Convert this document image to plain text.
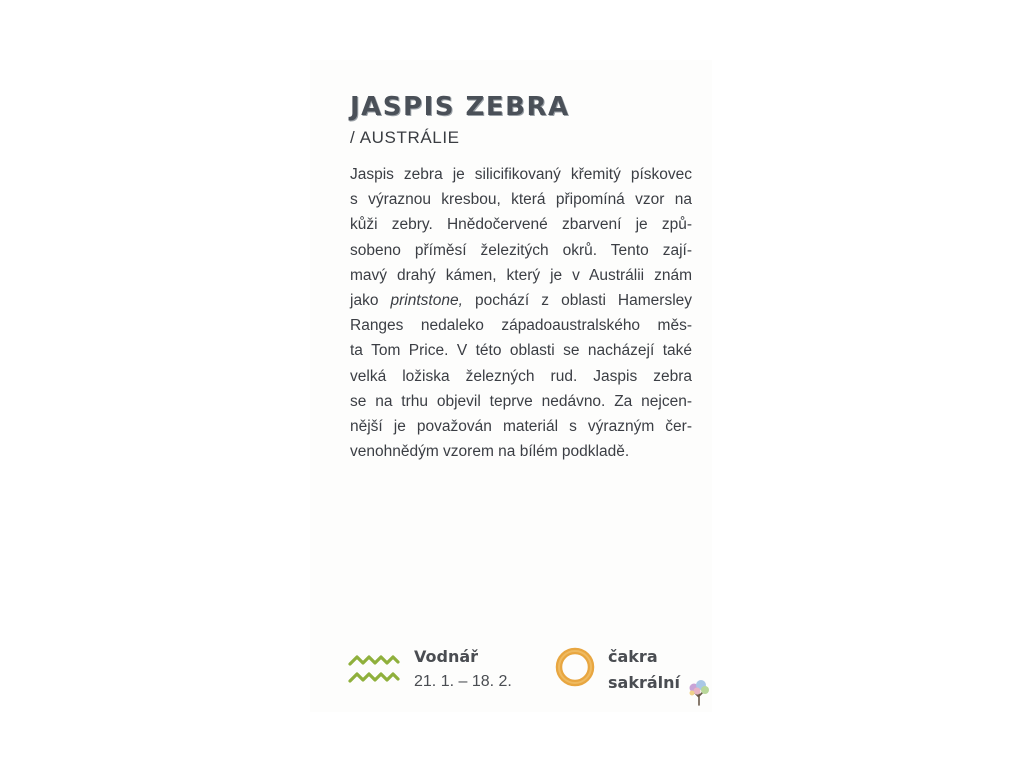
JASPIS ZEBRA
/ AUSTRÁLIE
Jaspis zebra je silicifikovaný křemitý pískovec
s výraznou kresbou, která připomíná vzor na
kůži zebry. Hnědočervené zbarvení je způ-
sobeno příměsí železitých okrů. Tento zají-
mavý drahý kámen, který je v Austrálii znám
jako printstone, pochází z oblasti Hamersley
Ranges nedaleko západoaustralského měs-
ta Tom Price. V této oblasti se nacházejí také
velká ložiska železných rud. Jaspis zebra
se na trhu objevil teprve nedávno. Za nejcen-
nější je považován materiál s výrazným čer-
venohnědým vzorem na bílém podkladě.
Vodnář
21. 1. – 18. 2.
čakra
sakrální
